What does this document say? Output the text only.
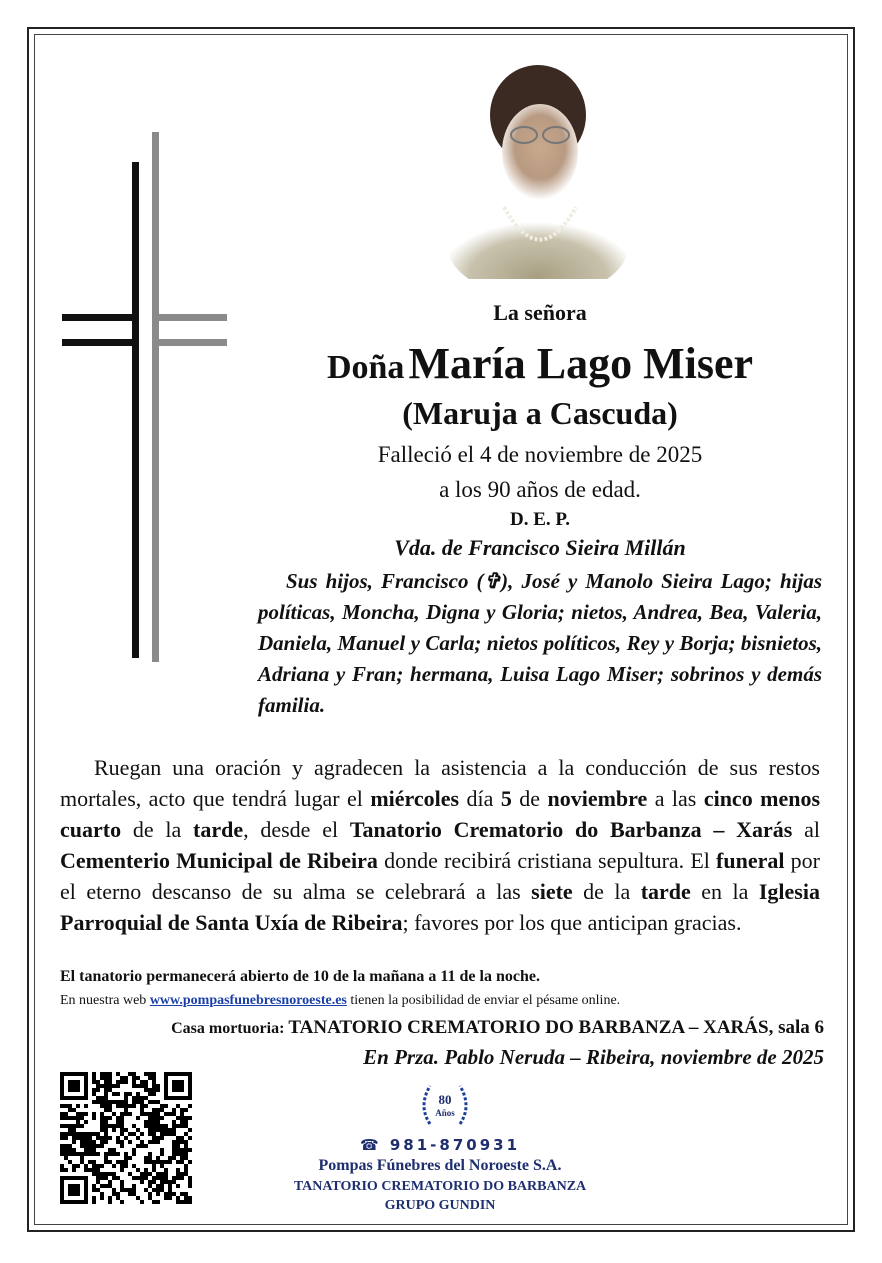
La señora
Doña María Lago Miser
(Maruja a Cascuda)
Falleció el 4 de noviembre de 2025
a los 90 años de edad.
D. E. P.
Vda. de Francisco Sieira Millán
Sus hijos, Francisco (✞), José y Manolo Sieira Lago; hijas políticas, Moncha, Digna y Gloria; nietos, Andrea, Bea, Valeria, Daniela, Manuel y Carla; nietos políticos, Rey y Borja; bisnietos, Adriana y Fran; hermana, Luisa Lago Miser; sobrinos y demás familia.
Ruegan una oración y agradecen la asistencia a la conducción de sus restos mortales, acto que tendrá lugar el miércoles día 5 de noviembre a las cinco menos cuarto de la tarde, desde el Tanatorio Crematorio do Barbanza – Xarás al Cementerio Municipal de Ribeira donde recibirá cristiana sepultura. El funeral por el eterno descanso de su alma se celebrará a las siete de la tarde en la Iglesia Parroquial de Santa Uxía de Ribeira; favores por los que anticipan gracias.
El tanatorio permanecerá abierto de 10 de la mañana a 11 de la noche.
En nuestra web www.pompasfunebresnoroeste.es tienen la posibilidad de enviar el pésame online.
Casa mortuoria: TANATORIO CREMATORIO DO BARBANZA – XARÁS, sala 6
En Prza. Pablo Neruda – Ribeira, noviembre de 2025
80
Años
☎ 981-870931
Pompas Fúnebres del Noroeste S.A.
TANATORIO CREMATORIO DO BARBANZA
GRUPO GUNDIN
